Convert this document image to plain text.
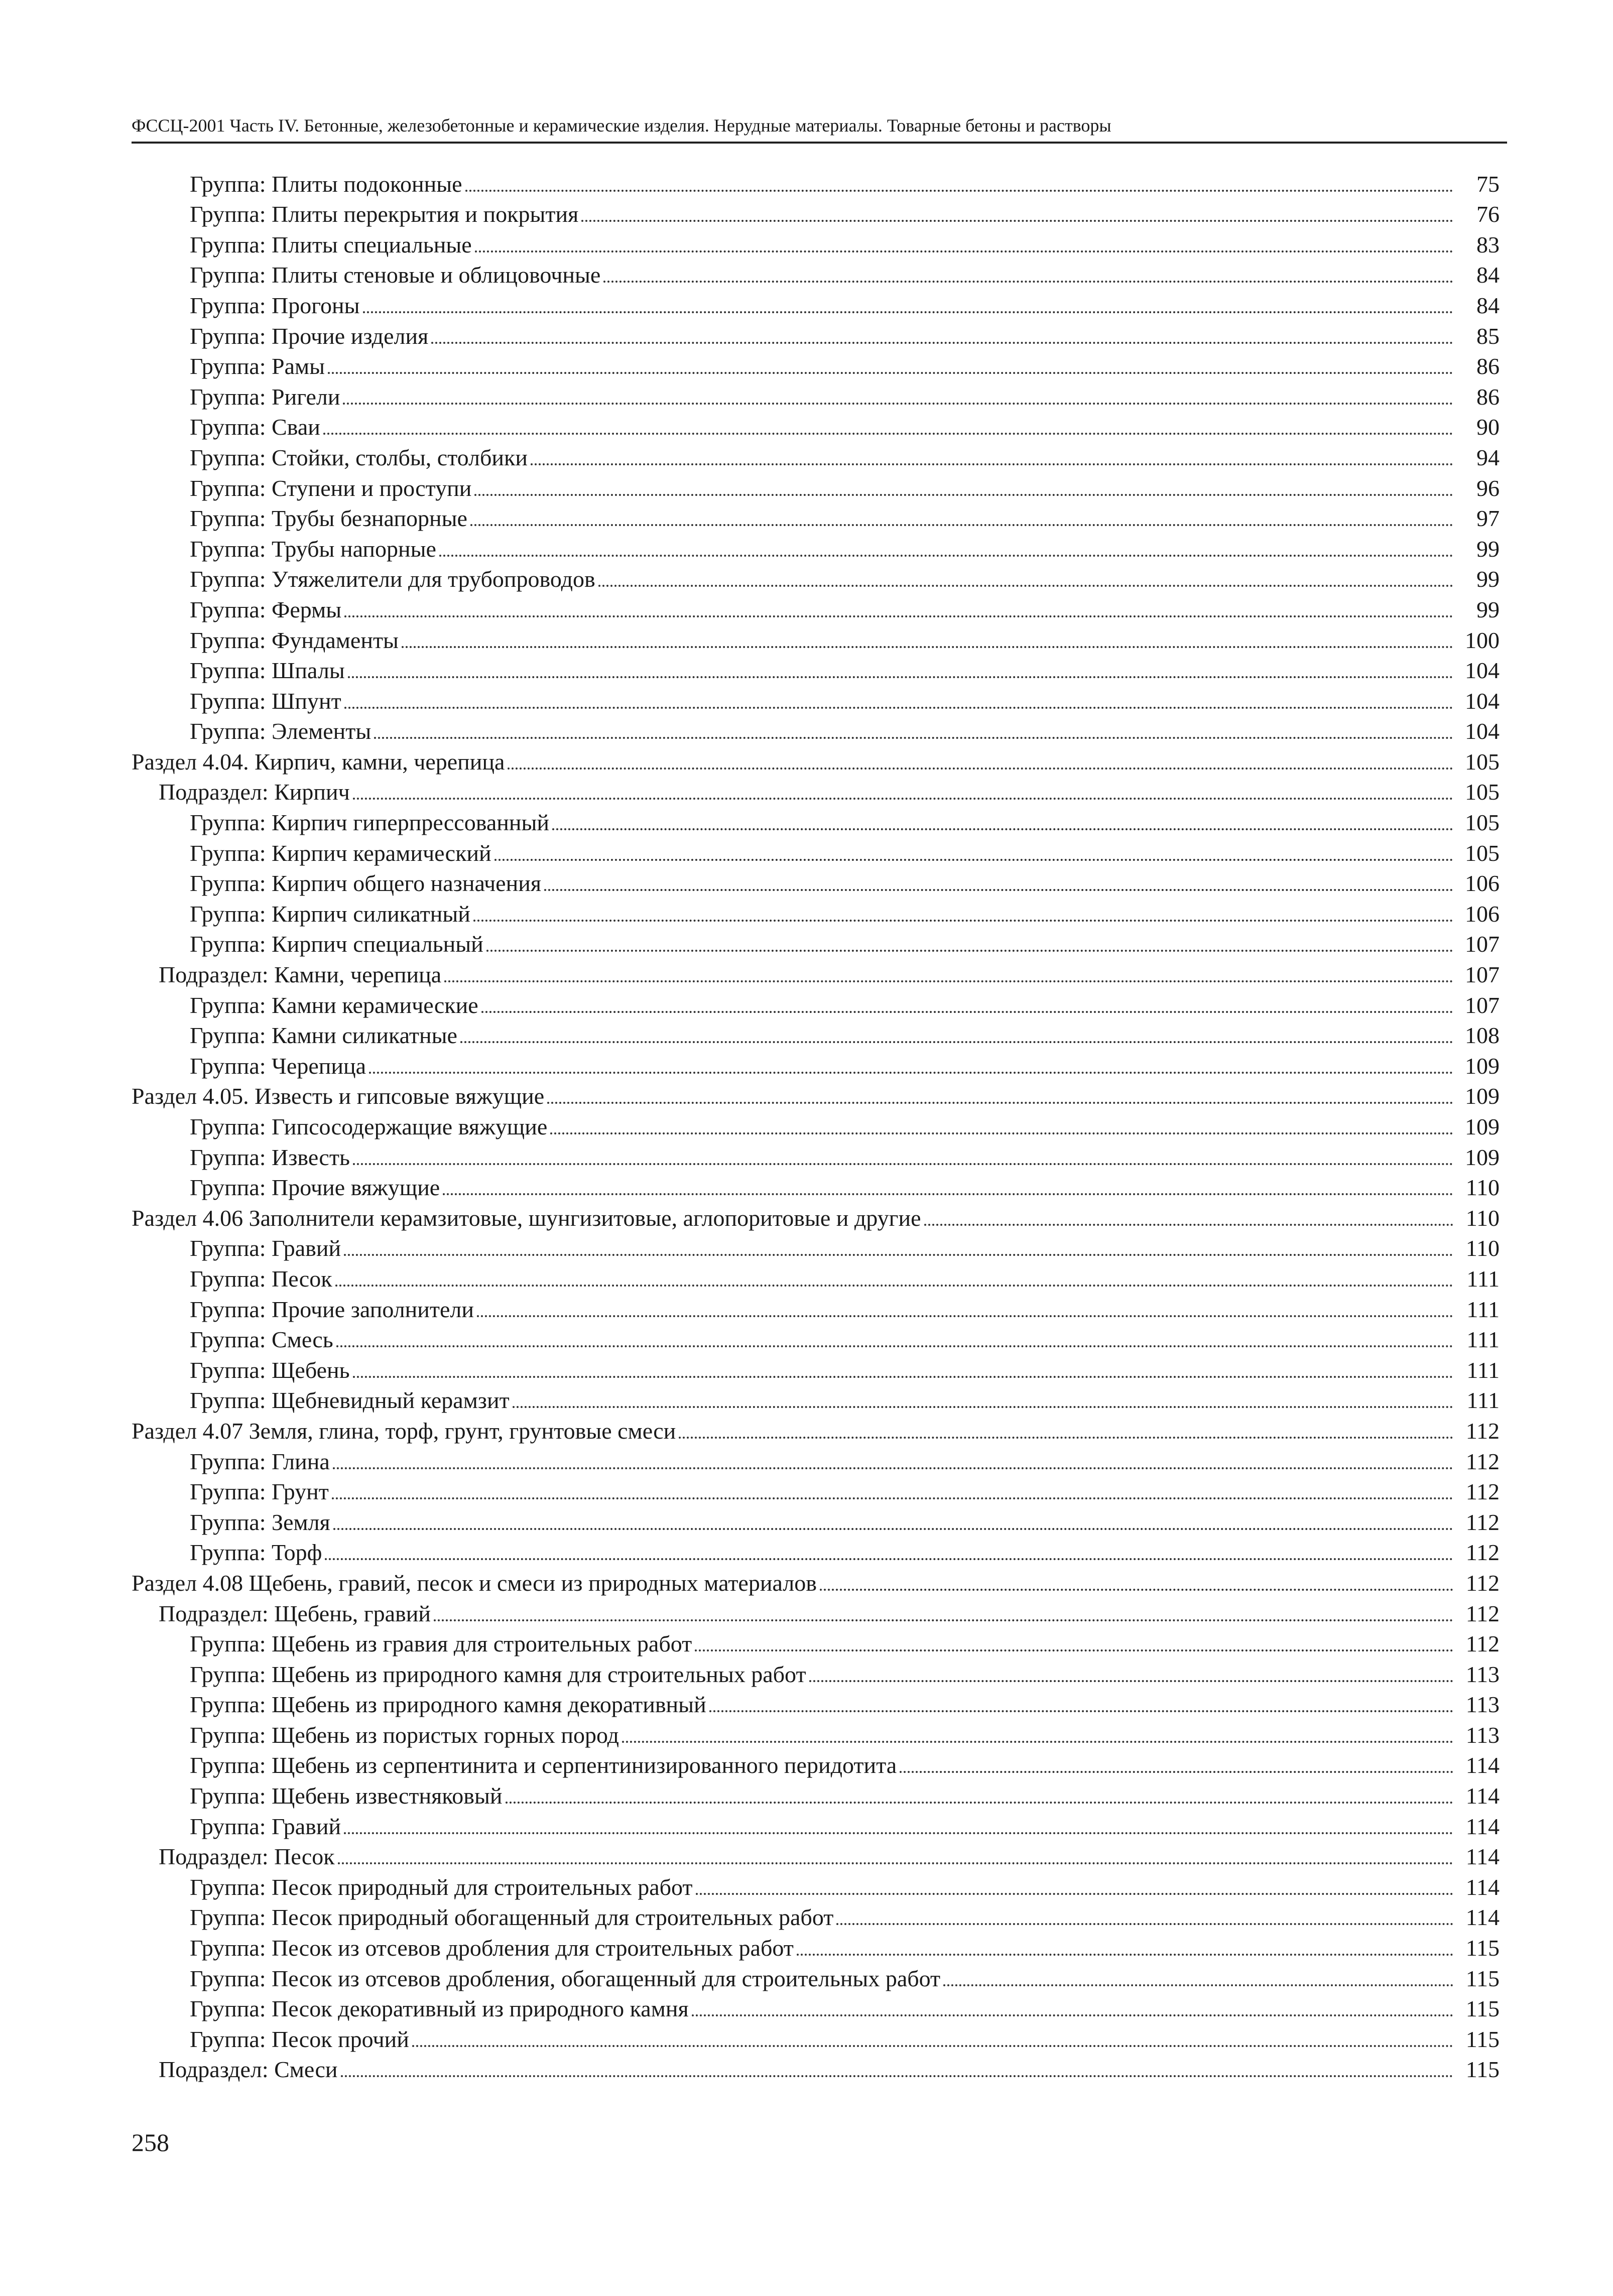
ФССЦ-2001 Часть IV. Бетонные, железобетонные и керамические изделия. Нерудные материалы. Товарные бетоны и растворы
Группа: Плиты подоконные	75
Группа: Плиты перекрытия и покрытия	76
Группа: Плиты специальные	83
Группа: Плиты стеновые и облицовочные	84
Группа: Прогоны	84
Группа: Прочие изделия	85
Группа: Рамы	86
Группа: Ригели	86
Группа: Сваи	90
Группа: Стойки, столбы, столбики	94
Группа: Ступени и проступи	96
Группа: Трубы безнапорные	97
Группа: Трубы напорные	99
Группа: Утяжелители для трубопроводов	99
Группа: Фермы	99
Группа: Фундаменты	100
Группа: Шпалы	104
Группа: Шпунт	104
Группа: Элементы	104
Раздел 4.04. Кирпич, камни, черепица	105
Подраздел: Кирпич	105
Группа: Кирпич гиперпрессованный	105
Группа: Кирпич керамический	105
Группа: Кирпич общего назначения	106
Группа: Кирпич силикатный	106
Группа: Кирпич специальный	107
Подраздел: Камни, черепица	107
Группа: Камни керамические	107
Группа: Камни силикатные	108
Группа: Черепица	109
Раздел 4.05. Известь и гипсовые вяжущие	109
Группа: Гипсосодержащие вяжущие	109
Группа: Известь	109
Группа: Прочие вяжущие	110
Раздел 4.06 Заполнители керамзитовые, шунгизитовые, аглопоритовые и другие	110
Группа: Гравий	110
Группа: Песок	111
Группа: Прочие заполнители	111
Группа: Смесь	111
Группа: Щебень	111
Группа: Щебневидный керамзит	111
Раздел 4.07 Земля, глина, торф, грунт, грунтовые смеси	112
Группа: Глина	112
Группа: Грунт	112
Группа: Земля	112
Группа: Торф	112
Раздел 4.08 Щебень, гравий, песок и смеси из природных материалов	112
Подраздел: Щебень, гравий	112
Группа: Щебень из гравия для строительных работ	112
Группа: Щебень из природного камня для строительных работ	113
Группа: Щебень из природного камня декоративный	113
Группа: Щебень из пористых горных пород	113
Группа: Щебень из серпентинита и серпентинизированного перидотита	114
Группа: Щебень известняковый	114
Группа: Гравий	114
Подраздел: Песок	114
Группа: Песок природный для строительных работ	114
Группа: Песок природный обогащенный для строительных работ	114
Группа: Песок из отсевов дробления для строительных работ	115
Группа: Песок из отсевов дробления, обогащенный для строительных работ	115
Группа: Песок декоративный из природного камня	115
Группа: Песок прочий	115
Подраздел: Смеси	115
258
